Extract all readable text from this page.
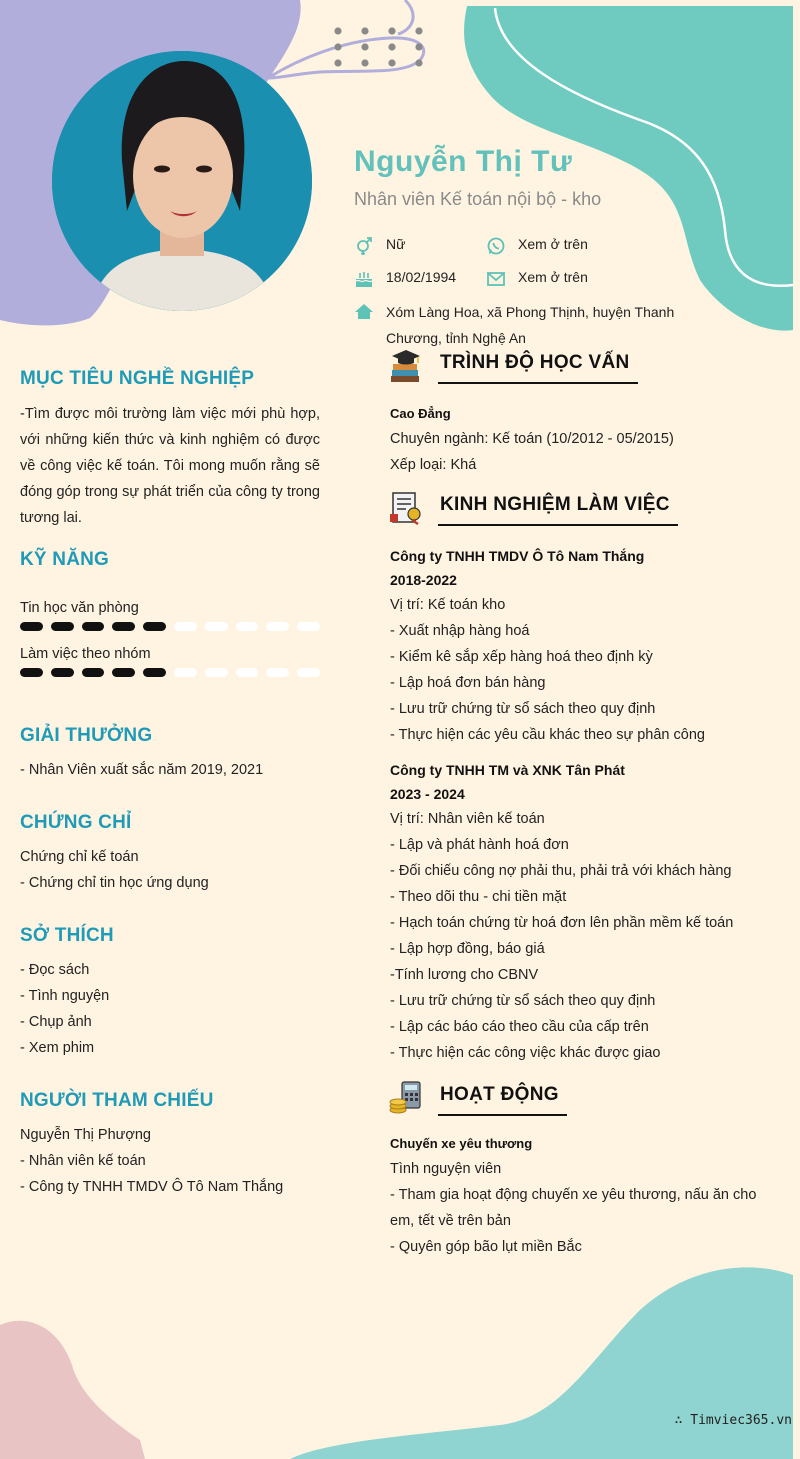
Nguyễn Thị Tư
Nhân viên Kế toán nội bộ - kho
Nữ	Xem ở trên
18/02/1994	Xem ở trên
Xóm Làng Hoa, xã Phong Thịnh, huyện Thanh
Chương, tỉnh Nghệ An
MỤC TIÊU NGHỀ NGHIỆP
-Tìm được môi trường làm việc mới phù hợp, với những kiến thức và kinh nghiệm có được về công việc kế toán. Tôi mong muốn rằng sẽ đóng góp trong sự phát triển của công ty trong tương lai.
KỸ NĂNG
Tin học văn phòng
Làm việc theo nhóm
GIẢI THƯỞNG
- Nhân Viên xuất sắc năm 2019, 2021
CHỨNG CHỈ
Chứng chỉ kế toán
- Chứng chỉ tin học ứng dụng
SỞ THÍCH
- Đọc sách
- Tình nguyện
- Chụp ảnh
- Xem phim
NGƯỜI THAM CHIẾU
Nguyễn Thị Phượng
- Nhân viên kế toán
- Công ty TNHH TMDV Ô Tô Nam Thắng
TRÌNH ĐỘ HỌC VẤN
Cao Đẳng
Chuyên ngành: Kế toán (10/2012 - 05/2015)
Xếp loại: Khá
KINH NGHIỆM LÀM VIỆC
Công ty TNHH TMDV Ô Tô Nam Thắng
2018-2022
Vị trí: Kế toán kho
- Xuất nhập hàng hoá
- Kiểm kê sắp xếp hàng hoá theo định kỳ
- Lập hoá đơn bán hàng
- Lưu trữ chứng từ sổ sách theo quy định
- Thực hiện các yêu cầu khác theo sự phân công
Công ty TNHH TM và XNK Tân Phát
2023 - 2024
Vị trí: Nhân viên kế toán
- Lập và phát hành hoá đơn
- Đối chiếu công nợ phải thu, phải trả với khách hàng
- Theo dõi thu - chi tiền mặt
- Hạch toán chứng từ hoá đơn lên phần mềm kế toán
- Lập hợp đồng, báo giá
-Tính lương cho CBNV
- Lưu trữ chứng từ sổ sách theo quy định
- Lập các báo cáo theo cầu của cấp trên
- Thực hiện các công việc khác được giao
HOẠT ĐỘNG
Chuyến xe yêu thương
Tình nguyện viên
- Tham gia hoạt động chuyến xe yêu thương, nấu ăn cho
em, tết về trên bản
- Quyên góp bão lụt miền Bắc
∴ Timviec365.vn
